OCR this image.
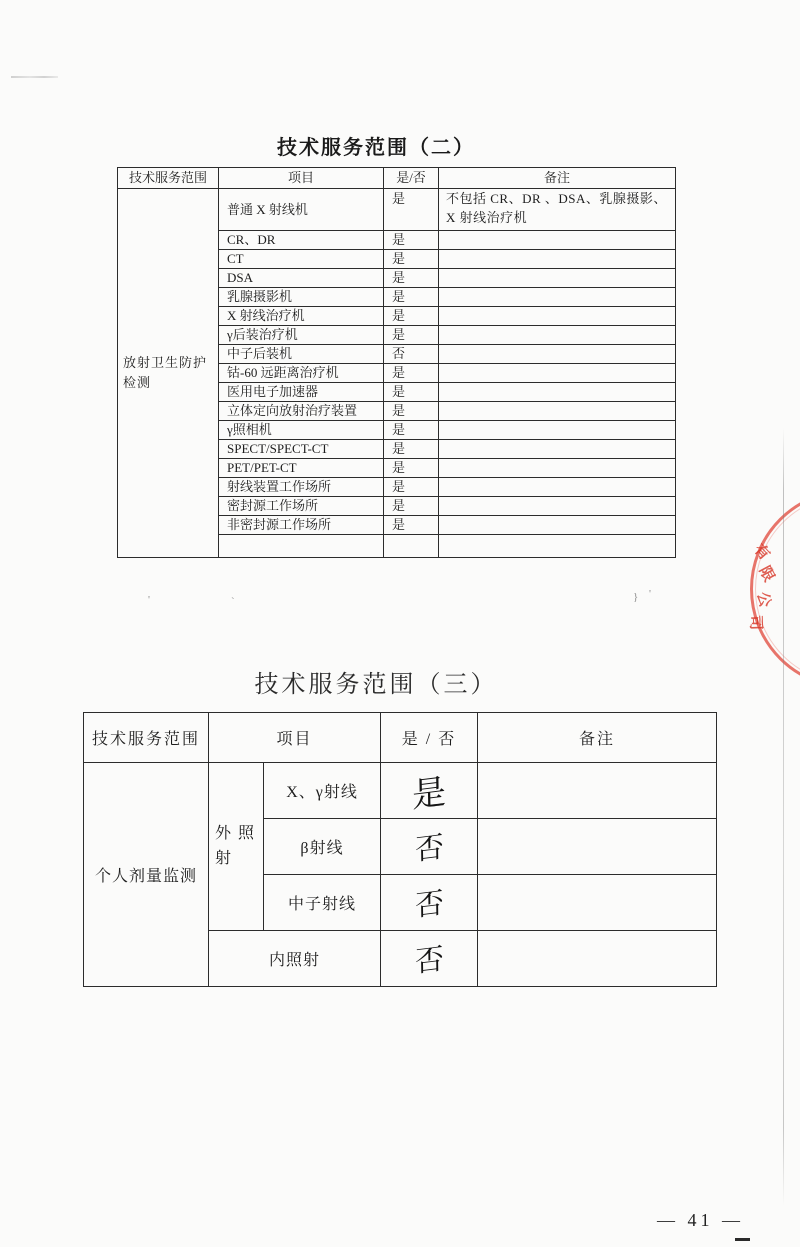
技术服务范围（二）
技术服务范围	项目	是/否	备注
放射卫生防护检测	普通 X 射线机	是	不包括 CR、DR 、DSA、乳腺摄影、X 射线治疗机
	CR、DR	是	
	CT	是	
	DSA	是	
	乳腺摄影机	是	
	X 射线治疗机	是	
	γ后装治疗机	是	
	中子后装机	否	
	钴-60 远距离治疗机	是	
	医用电子加速器	是	
	立体定向放射治疗装置	是	
	γ照相机	是	
	SPECT/SPECT-CT	是	
	PET/PET-CT	是	
	射线装置工作场所	是	
	密封源工作场所	是	
	非密封源工作场所	是	

'	`	} '
技术服务范围（三）
技术服务范围	项目		是 / 否	备注
个人剂量监测	外照射	X、γ射线	是	
		β射线	否	
		中子射线	否	
	内照射		否	
有
限
公
司
— 41 —
